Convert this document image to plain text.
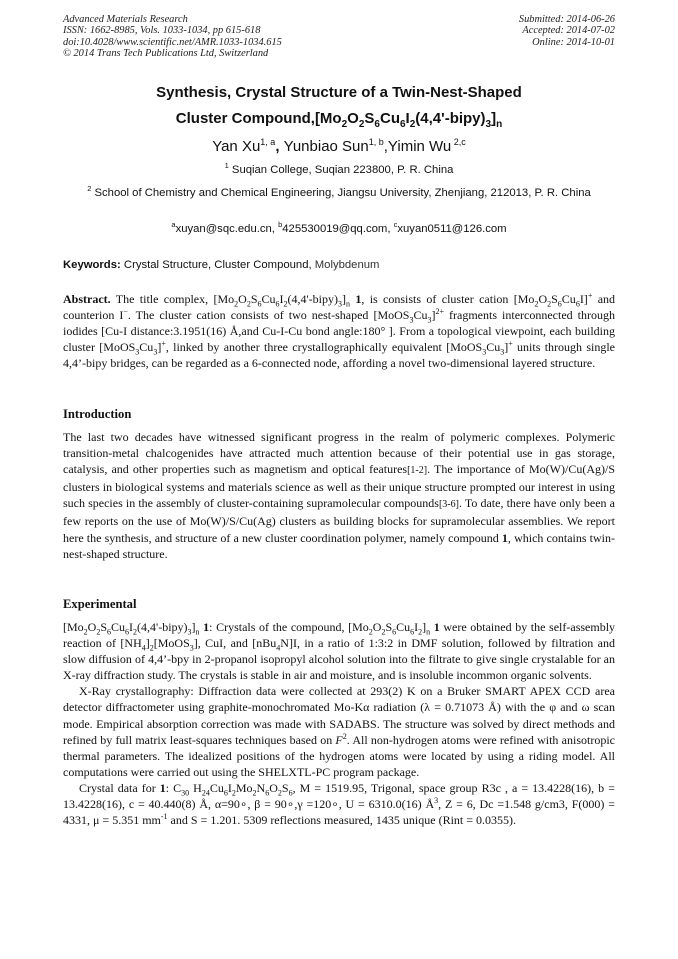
Advanced Materials Research
ISSN: 1662-8985, Vols. 1033-1034, pp 615-618
doi:10.4028/www.scientific.net/AMR.1033-1034.615
© 2014 Trans Tech Publications Ltd, Switzerland
Submitted: 2014-06-26
Accepted: 2014-07-02
Online: 2014-10-01
Synthesis, Crystal Structure of a Twin-Nest-Shaped
Cluster $Compound,[Mo_2O_2S_6Cu_6I_2(4,4'-bipy)_3]_n$
Yan Xu$^{1, a}$, Yunbiao Sun$^{1, b}$,Yimin Wu $^{2,c}$
$^1$ Suqian College, Suqian 223800, P. R. China
$^2$ School of Chemistry and Chemical Engineering, Jiangsu University, Zhenjiang, 212013, P. R. China
$^a$xuyan@sqc.edu.cn, $^b$425530019@qq.com, $^c$xuyan0511@126.com
Keywords: Crystal Structure, Cluster Compound, Molybdenum
Abstract. The title complex, $[Mo_2O_2S_6Cu_6I_2(4,4'-bipy)_3]_n$ 1, is consists of cluster cation $[Mo_2O_2S_6Cu_6I]^+$ and counterion I−. The cluster cation consists of two nest-shaped $[MoOS_3Cu_3]^{2+}$ fragments interconnected through iodides [Cu-I distance:3.1951(16) Å,and Cu-I-Cu bond angle:180° ]. From a topological viewpoint, each building cluster $[MoOS_3Cu_3]^+$, linked by another three crystallographically equivalent $[MoOS_3Cu_3]^+$ units through single 4,4’-bipy bridges, can be regarded as a 6-connected node, affording a novel two-dimensional layered structure.
Introduction
The last two decades have witnessed significant progress in the realm of polymeric complexes. Polymeric transition-metal chalcogenides have attracted much attention because of their potential use in gas storage, catalysis, and other properties such as magnetism and optical features[1-2]. The importance of Mo(W)/Cu(Ag)/S clusters in biological systems and materials science as well as their unique structure prompted our interest in using such species in the assembly of cluster-containing supramolecular compounds[3-6]. To date, there have only been a few reports on the use of Mo(W)/S/Cu(Ag) clusters as building blocks for supramolecular assemblies. We report here the synthesis, and structure of a new cluster coordination polymer, namely compound 1, which contains twin-nest-shaped structure.
Experimental

$[Mo_2O_2S_6Cu_6I_2(4,4'-bipy)_3]_n$ 1: Crystals of the compound, $[Mo_2O_2S_6Cu_6I_2]_n$ 1 were obtained by the self-assembly reaction of $[NH_4]_2[MoOS_3]$, CuI, and [nBu$_4$N]I, in a ratio of 1:3:2 in DMF solution, followed by filtration and slow diffusion of 4,4’-bpy in 2-propanol isopropyl alcohol solution into the filtrate to give single crystalable for an X-ray diffraction study. The crystals is stable in air and moisture, and is insoluble incommon organic solvents.

X-Ray crystallography: Diffraction data were collected at 293(2) K on a Bruker SMART APEX CCD area detector diffractometer using graphite-monochromated Mo-Kα radiation (λ = 0.71073 Å) with the φ and ω scan mode. Empirical absorption correction was made with SADABS. The structure was solved by direct methods and refined by full matrix least-squares techniques based on $F^2$. All non-hydrogen atoms were refined with anisotropic thermal parameters. The idealized positions of the hydrogen atoms were located by using a riding model. All computations were carried out using the SHELXTL-PC program package.

Crystal data for 1: $C_{30}$ $H_{24}Cu_6I_2Mo_2N_6O_2S_6$, M = 1519.95, Trigonal, space group R3c , a = 13.4228(16), b = 13.4228(16), c = 40.440(8) Å, α=90∘, β = 90∘,γ =120∘, U = 6310.0(16) $Å^3$, Z = 6, Dc =1.548 g/cm3, F(000) = 4331, μ = 5.351 $mm^{-1}$ and S = 1.201. 5309 reflections measured, 1435 unique (Rint = 0.0355).
